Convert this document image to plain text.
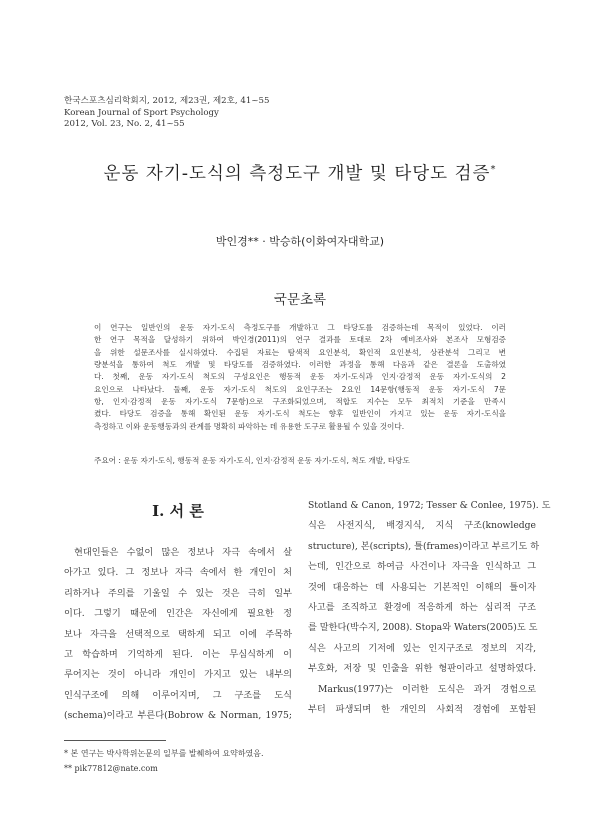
한국스포츠심리학회지, 2012, 제23권, 제2호, 41~55
Korean Journal of Sport Psychology
2012, Vol. 23, No. 2, 41~55
운동 자기-도식의 측정도구 개발 및 타당도 검증*
박인경** · 박승하(이화여자대학교)
국문초록
이 연구는 일반인의 운동 자기-도식 측정도구를 개발하고 그 타당도를 검증하는데 목적이 있었다. 이러
한 연구 목적을 달성하기 위하여 박인경(2011)의 연구 결과를 토대로 2차 예비조사와 본조사 모형검증
을 위한 설문조사를 실시하였다. 수집된 자료는 탐색적 요인분석, 확인적 요인분석, 상관분석 그리고 변
량분석을 통하여 척도 개발 및 타당도를 검증하였다. 이러한 과정을 통해 다음과 같은 결론을 도출하였
다. 첫째, 운동 자기-도식 척도의 구성요인은 행동적 운동 자기-도식과 인지·감정적 운동 자기-도식의 2
요인으로 나타났다. 둘째, 운동 자기-도식 척도의 요인구조는 2요인 14문항(행동적 운동 자기-도식 7문
항, 인지·감정적 운동 자기-도식 7문항)으로 구조화되었으며, 적합도 지수는 모두 최적치 기준을 만족시
켰다. 타당도 검증을 통해 확인된 운동 자기-도식 척도는 향후 일반인이 가지고 있는 운동 자기-도식을
측정하고 이와 운동행동과의 관계를 명확히 파악하는 데 유용한 도구로 활용될 수 있을 것이다.
주요어 : 운동 자기-도식, 행동적 운동 자기-도식, 인지·감정적 운동 자기-도식, 척도 개발, 타당도
I. 서 론
현대인들은 수없이 많은 정보나 자극 속에서 살
아가고 있다. 그 정보나 자극 속에서 한 개인이 처
리하거나 주의를 기울일 수 있는 것은 극히 일부
이다. 그렇기 때문에 인간은 자신에게 필요한 정
보나 자극을 선택적으로 택하게 되고 이에 주목하
고 학습하며 기억하게 된다. 이는 무심식하게 이
루어지는 것이 아니라 개인이 가지고 있는 내부의
인식구조에 의해 이루어지며, 그 구조를 도식
(schema)이라고 부른다(Bobrow & Norman, 1975;
Stotland & Canon, 1972; Tesser & Conlee, 1975). 도
식은 사전지식, 배경지식, 지식 구조(knowledge
structure), 본(scripts), 틀(frames)이라고 부르기도 하
는데, 인간으로 하여금 사건이나 자극을 인식하고 그
것에 대응하는 데 사용되는 기본적인 이해의 틀이자
사고를 조직하고 환경에 적응하게 하는 심리적 구조
를 말한다(박수지, 2008). Stopa와 Waters(2005)도 도
식은 사고의 기저에 있는 인지구조로 정보의 지각,
부호화, 저장 및 인출을 위한 형판이라고 설명하였다.
Markus(1977)는 이러한 도식은 과거 경험으로
부터 파생되며 한 개인의 사회적 경험에 포함된
* 본 연구는 박사학위논문의 일부를 발췌하여 요약하였음.
** pik77812@nate.com
